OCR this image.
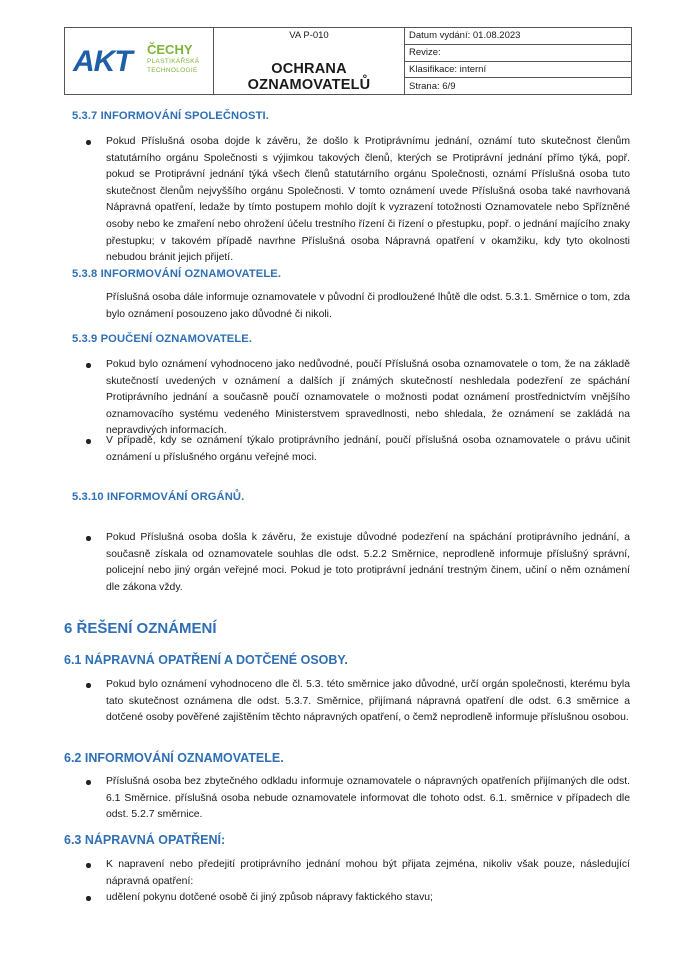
AKT ČECHY
PLASTIKÁŘSKÁ
TECHNOLOGIE
VA P-010
OCHRANA OZNAMOVATELŮ
Datum vydání: 01.08.2023
Revize:
Klasifikace: interní
Strana: 6/9
5.3.7 INFORMOVÁNÍ SPOLEČNOSTI.
Pokud Příslušná osoba dojde k závěru, že došlo k Protiprávnímu jednání, oznámí tuto skutečnost členům statutárního orgánu Společnosti s výjimkou takových členů, kterých se Protiprávní jednání přímo týká, popř. pokud se Protiprávní jednání týká všech členů statutárního orgánu Společnosti, oznámí Příslušná osoba tuto skutečnost členům nejvyššího orgánu Společnosti. V tomto oznámení uvede Příslušná osoba také navrhovaná Nápravná opatření, ledaže by tímto postupem mohlo dojít k vyzrazení totožnosti Oznamovatele nebo Spřízněné osoby nebo ke zmaření nebo ohrožení účelu trestního řízení či řízení o přestupku, popř. o jednání majícího znaky přestupku; v takovém případě navrhne Příslušná osoba Nápravná opatření v okamžiku, kdy tyto okolnosti nebudou bránit jejich přijetí.
5.3.8 INFORMOVÁNÍ OZNAMOVATELE.
Příslušná osoba dále informuje oznamovatele v původní či prodloužené lhůtě dle odst. 5.3.1. Směrnice o tom, zda bylo oznámení posouzeno jako důvodné či nikoli.
5.3.9 POUČENÍ OZNAMOVATELE.
Pokud bylo oznámení vyhodnoceno jako nedůvodné, poučí Příslušná osoba oznamovatele o tom, že na základě skutečností uvedených v oznámení a dalších jí známých skutečností neshledala podezření ze spáchání Protiprávního jednání a současně poučí oznamovatele o možnosti podat oznámení prostřednictvím vnějšího oznamovacího systému vedeného Ministerstvem spravedlnosti, nebo shledala, že oznámení se zakládá na nepravdivých informacích.
V případě, kdy se oznámení týkalo protiprávního jednání, poučí příslušná osoba oznamovatele o právu učinit oznámení u příslušného orgánu veřejné moci.
5.3.10 INFORMOVÁNÍ ORGÁNŮ.
Pokud Příslušná osoba došla k závěru, že existuje důvodné podezření na spáchání protiprávního jednání, a současně získala od oznamovatele souhlas dle odst. 5.2.2 Směrnice, neprodleně informuje příslušný správní, policejní nebo jiný orgán veřejné moci. Pokud je toto protiprávní jednání trestným činem, učiní o něm oznámení dle zákona vždy.
6 ŘEŠENÍ OZNÁMENÍ
6.1 NÁPRAVNÁ OPATŘENÍ A DOTČENÉ OSOBY.
Pokud bylo oznámení vyhodnoceno dle čl. 5.3. této směrnice jako důvodné, určí orgán společnosti, kterému byla tato skutečnost oznámena dle odst. 5.3.7. Směrnice, přijímaná nápravná opatření dle odst. 6.3 směrnice a dotčené osoby pověřené zajištěním těchto nápravných opatření, o čemž neprodleně informuje příslušnou osobou.
6.2 INFORMOVÁNÍ OZNAMOVATELE.
Příslušná osoba bez zbytečného odkladu informuje oznamovatele o nápravných opatřeních přijímaných dle odst. 6.1 Směrnice. příslušná osoba nebude oznamovatele informovat dle tohoto odst. 6.1. směrnice v případech dle odst. 5.2.7 směrnice.
6.3 NÁPRAVNÁ OPATŘENÍ:
K napravení nebo předejití protiprávního jednání mohou být přijata zejména, nikoliv však pouze, následující nápravná opatření:
udělení pokynu dotčené osobě či jiný způsob nápravy faktického stavu;
